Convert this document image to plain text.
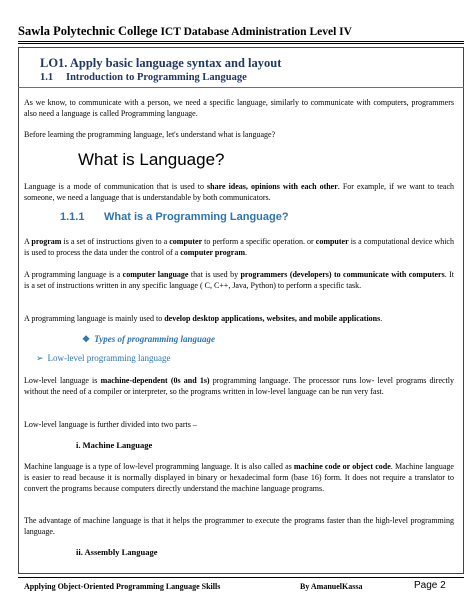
Sawla Polytechnic College ICT Database Administration Level IV
LO1. Apply basic language syntax and layout
1.1 Introduction to Programming Language
As we know, to communicate with a person, we need a specific language, similarly to communicate with computers, programmers also need a language is called Programming language.
Before learning the programming language, let's understand what is language?
What is Language?
Language is a mode of communication that is used to share ideas, opinions with each other. For example, if we want to teach someone, we need a language that is understandable by both communicators.
1.1.1 What is a Programming Language?
A program is a set of instructions given to a computer to perform a specific operation. or computer is a computational device which is used to process the data under the control of a computer program.
A programming language is a computer language that is used by programmers (developers) to communicate with computers. It is a set of instructions written in any specific language ( C, C++, Java, Python) to perform a specific task.
A programming language is mainly used to develop desktop applications, websites, and mobile applications.
❖ Types of programming language
➢ Low-level programming language
Low-level language is machine-dependent (0s and 1s) programming language. The processor runs low- level programs directly without the need of a compiler or interpreter, so the programs written in low-level language can be run very fast.
Low-level language is further divided into two parts –
i. Machine Language
Machine language is a type of low-level programming language. It is also called as machine code or object code. Machine language is easier to read because it is normally displayed in binary or hexadecimal form (base 16) form. It does not require a translator to convert the programs because computers directly understand the machine language programs.
The advantage of machine language is that it helps the programmer to execute the programs faster than the high-level programming language.
ii. Assembly Language
Applying Object-Oriented Programming Language Skills	By AmanuelKassa	Page 2
